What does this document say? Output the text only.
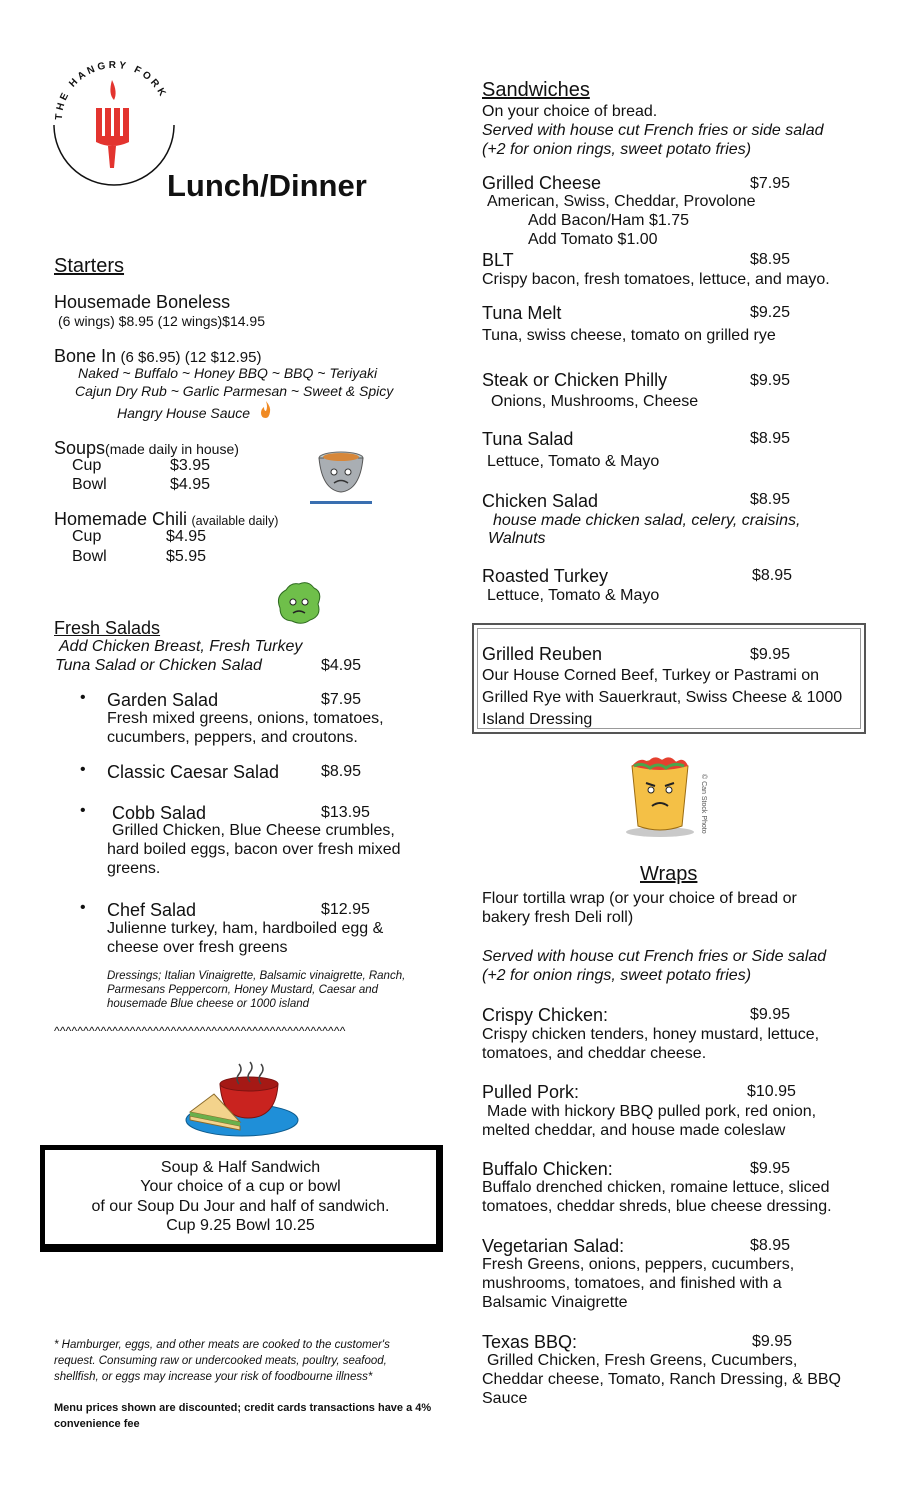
THE HANGRY FORK
Lunch/Dinner
Starters
Housemade Boneless
(6 wings) $8.95 (12 wings)$14.95
Bone In (6 $6.95) (12 $12.95)
Naked ~ Buffalo ~ Honey BBQ ~ BBQ ~ Teriyaki
Cajun Dry Rub ~ Garlic Parmesan ~ Sweet & Spicy
Hangry House Sauce
Soups(made daily in house)
Cup	$3.95
Bowl	$4.95
Homemade Chili (available daily)
Cup	$4.95
Bowl	$5.95
Fresh Salads
Add Chicken Breast, Fresh Turkey
Tuna Salad or Chicken Salad	$4.95
• Garden Salad	$7.95
Fresh mixed greens, onions, tomatoes,
cucumbers, peppers, and croutons.
• Classic Caesar Salad	$8.95
• Cobb Salad	$13.95
Grilled Chicken, Blue Cheese crumbles,
hard boiled eggs, bacon over fresh mixed
greens.
• Chef Salad	$12.95
Julienne turkey, ham, hardboiled egg &
cheese over fresh greens
Dressings; Italian Vinaigrette, Balsamic vinaigrette, Ranch,
Parmesans Peppercorn, Honey Mustard, Caesar and
housemade Blue cheese or 1000 island
^^^^^^^^^^^^^^^^^^^^^^^^^^^^^^^^^^^^^^^^^^^^^^^^^^
Soup & Half Sandwich
Your choice of a cup or bowl
of our Soup Du Jour and half of sandwich.
Cup 9.25 Bowl 10.25
* Hamburger, eggs, and other meats are cooked to the customer's
request. Consuming raw or undercooked meats, poultry, seafood,
shellfish, or eggs may increase your risk of foodbourne illness*
Menu prices shown are discounted; credit cards transactions have a 4%
convenience fee
Sandwiches
On your choice of bread.
Served with house cut French fries or side salad
(+2 for onion rings, sweet potato fries)
Grilled Cheese	$7.95
American, Swiss, Cheddar, Provolone
Add Bacon/Ham $1.75
Add Tomato $1.00
BLT	$8.95
Crispy bacon, fresh tomatoes, lettuce, and mayo.
Tuna Melt	$9.25
Tuna, swiss cheese, tomato on grilled rye
Steak or Chicken Philly	$9.95
Onions, Mushrooms, Cheese
Tuna Salad	$8.95
Lettuce, Tomato & Mayo
Chicken Salad	$8.95
house made chicken salad, celery, craisins,
Walnuts
Roasted Turkey	$8.95
Lettuce, Tomato & Mayo
Grilled Reuben	$9.95
Our House Corned Beef, Turkey or Pastrami on
Grilled Rye with Sauerkraut, Swiss Cheese & 1000
Island Dressing
© Can Stock Photo
Wraps
Flour tortilla wrap (or your choice of bread or
bakery fresh Deli roll)
Served with house cut French fries or Side salad
(+2 for onion rings, sweet potato fries)
Crispy Chicken:	$9.95
Crispy chicken tenders, honey mustard, lettuce,
tomatoes, and cheddar cheese.
Pulled Pork:	$10.95
Made with hickory BBQ pulled pork, red onion,
melted cheddar, and house made coleslaw
Buffalo Chicken:	$9.95
Buffalo drenched chicken, romaine lettuce, sliced
tomatoes, cheddar shreds, blue cheese dressing.
Vegetarian Salad:	$8.95
Fresh Greens, onions, peppers, cucumbers,
mushrooms, tomatoes, and finished with a
Balsamic Vinaigrette
Texas BBQ:	$9.95
Grilled Chicken, Fresh Greens, Cucumbers,
Cheddar cheese, Tomato, Ranch Dressing, & BBQ
Sauce
